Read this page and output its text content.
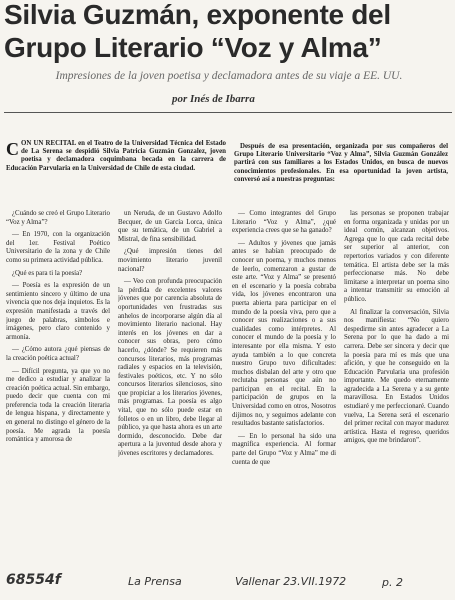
Silvia Guzmán, exponente del
Grupo Literario “Voz y Alma”
Impresiones de la joven poetisa y declamadora antes de su viaje a EE. UU.
por Inés de Ibarra
CON UN RECITAL en el Teatro de la Universidad Técnica del Estado de La Serena se despidió Silvia Patricia Guzmán Gonzalez, joven poetisa y declamadora coquimbana becada en la carrera de Educación Parvularia en la Universidad de Chile de esta ciudad.

Después de esa presentación, organizada por sus compañeros del Grupo Literario Universitario “Voz y Alma”, Silvia Guzmán González partirá con sus familiares a los Estados Unidos, en busca de nuevos conocimientos profesionales. En esa oportunidad la joven artista, conversó así a nuestras preguntas:

¿Cuándo se creó el Grupo Literario “Voz y Alma”?

— En 1970, con la organización del 1er. Festival Poético Universitario de la zona y de Chile como su primera actividad pública.

¿Qué es para ti la poesía?

— Poesía es la expresión de un sentimiento sincero y último de una vivencia que nos deja inquietos. Es la expresión manifestada a través del juego de palabras, símbolos e imágenes, pero claro contenido y armonía.

— ¿Cómo autora ¿qué piensas de la creación poética actual?

— Difícil pregunta, ya que yo no me dedico a estudiar y analizar la creación poética actual. Sin embargo, puedo decir que cuenta con mi preferencia toda la creación literaria de lengua hispana, y directamente y en general no distingo el género de la poesía. Me agrada la poesía romántica y amorosa de

un Neruda, de un Gustavo Adolfo Becquer, de un García Lorca, única que su temática, de un Gabriel a Mistral, de fina sensibilidad.

¿Qué impresión tienes del movimiento literario juvenil nacional?

— Veo con profunda preocupación la pérdida de excelentes valores jóvenes que por carencia absoluta de oportunidades ven frustradas sus anhelos de incorporarse algún día al movimiento literario nacional. Hay interés en los jóvenes en dar a conocer sus obras, pero cómo hacerlo, ¿dónde? Se requieren más concursos literarios, más programas radiales y espacios en la televisión, festivales poéticos, etc. Y no sólo concursos literarios silenciosos, sino que propiciar a los literarios jóvenes, más programas. La poesía es algo vital, que no sólo puede estar en folletos o en un libro, debe llegar al público, ya que hasta ahora es un arte dormido, desconocido. Debe dar apertura a la juventud desde ahora y jóvenes escritores y declamadores.

— Como integrantes del Grupo Literario “Voz y Alma”, ¿qué experiencia crees que se ha ganado?

— Adultos y jóvenes que jamás antes se habían preocupado de conocer un poema, y muchos menos de leerlo, comenzaron a gustar de este arte. “Voz y Alma” se presentó en el escenario y la poesía cobraba vida, los jóvenes encontraron una puerta abierta para participar en el mundo de la poesía viva, pero que a conocer sus realizaciones o a sus cualidades como intérpretes. Al conocer el mundo de la poesía y lo interesante por ella misma. Y esto ayuda también a lo que concreta nuestro Grupo tuvo dificultades: muchos disbalan del arte y otro que reclutaba personas que aún no participan en el recital. En la participación de grupos en la Universidad como en otros, Nosotros dijimos no, y seguimos adelante con resultados bastante satisfactorios.

— En lo personal ha sido una magnífica experiencia. Al formar parte del Grupo “Voz y Alma” me di cuenta de que

las personas se proponen trabajar en forma organizada y unidas por un ideal común, alcanzan objetivos. Agrega que lo que cada recital debe ser superior al anterior, con repertorios variados y con diferente temática. El artista debe ser la más perfeccionarse más. No debe limitarse a interpretar un poema sino a intentar transmitir su emoción al público.

Al finalizar la conversación, Silvia nos manifiesta: “No quiero despedirme sin antes agradecer a La Serena por lo que ha dado a mi carrera. Debe ser sincera y decir que la poesía para mí es más que una afición, y que he conseguido en la Educación Parvularia una profesión importante. Me quedo eternamente agradecida a La Serena y a su gente maravillosa. En Estados Unidos estudiaré y me perfeccionaré. Cuando vuelva, La Serena será el escenario del primer recital con mayor madurez artística. Hasta el regreso, queridos amigos, que me brindaron”.

68554f	La Prensa	Vallenar 23.VII.1972	p. 2
